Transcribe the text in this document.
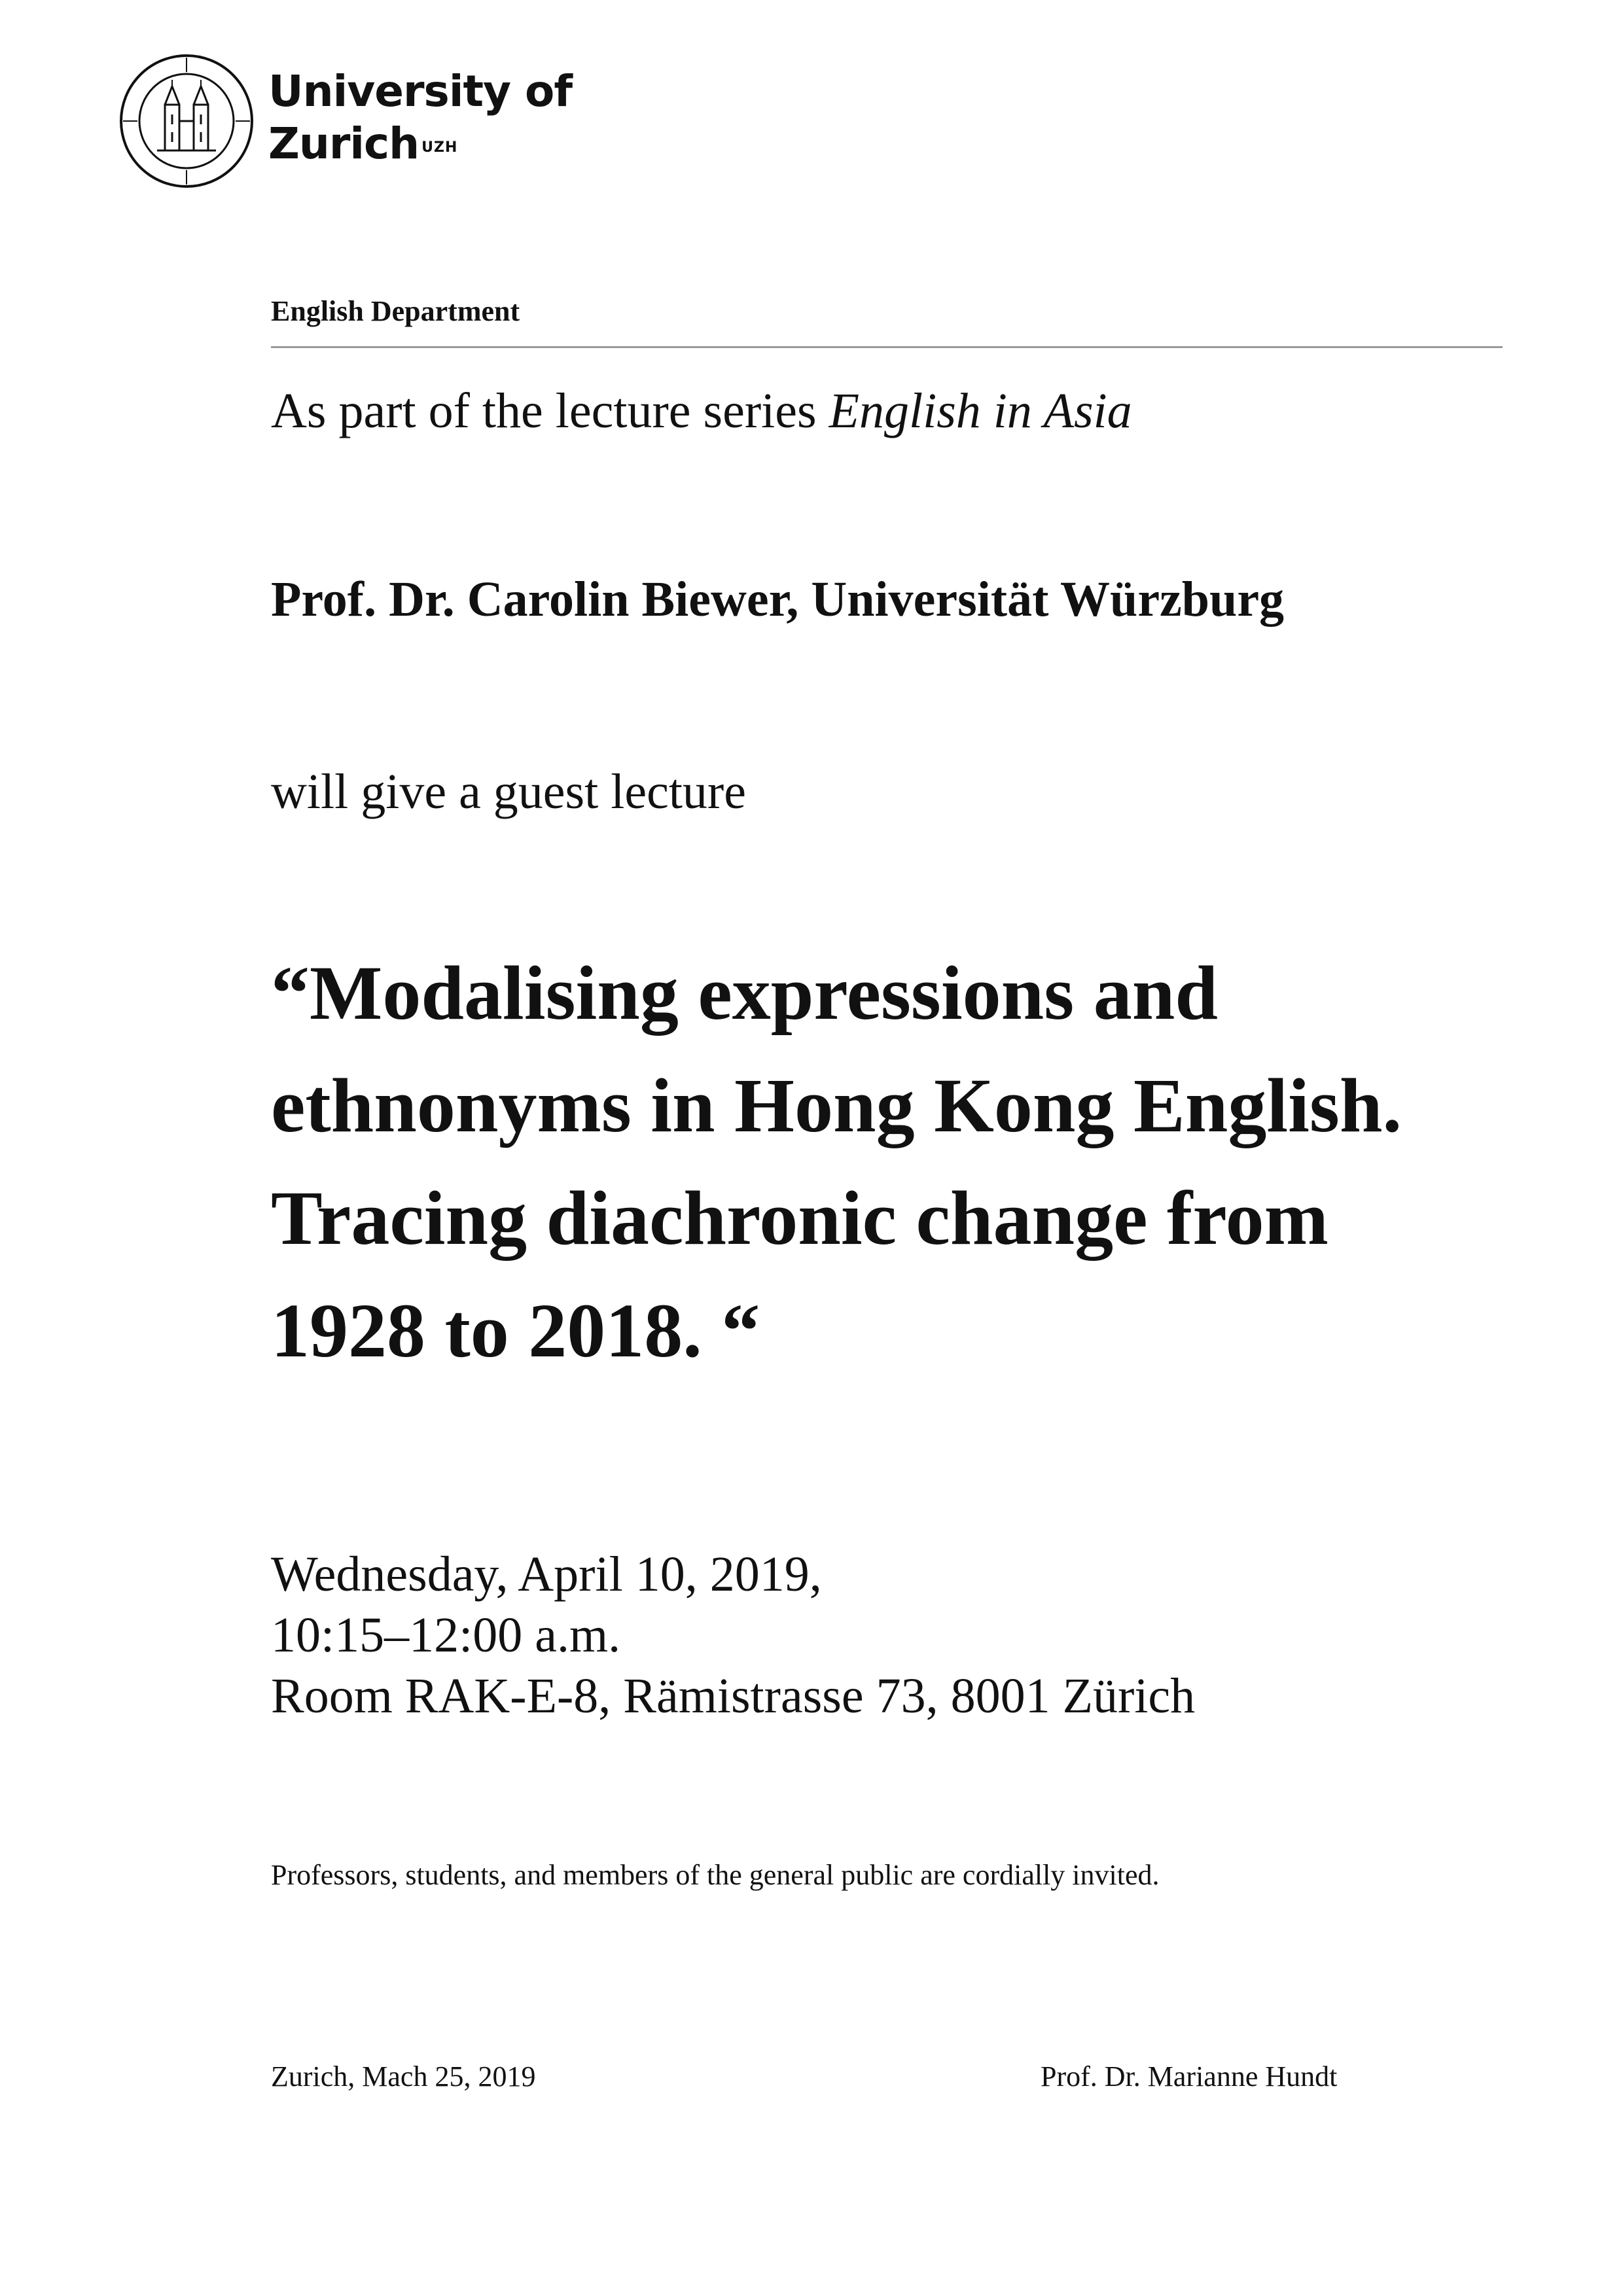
University of
Zurich $^{UZH}$
English Department
As part of the lecture series English in Asia
Prof. Dr. Carolin Biewer, Universität Würzburg
will give a guest lecture
“Modalising expressions and
ethnonyms in Hong Kong English.
Tracing diachronic change from
1928 to 2018. “
Wednesday, April 10, 2019,
10:15–12:00 a.m.
Room RAK-E-8, Rämistrasse 73, 8001 Zürich
Professors, students, and members of the general public are cordially invited.
Zurich, Mach 25, 2019	Prof. Dr. Marianne Hundt
